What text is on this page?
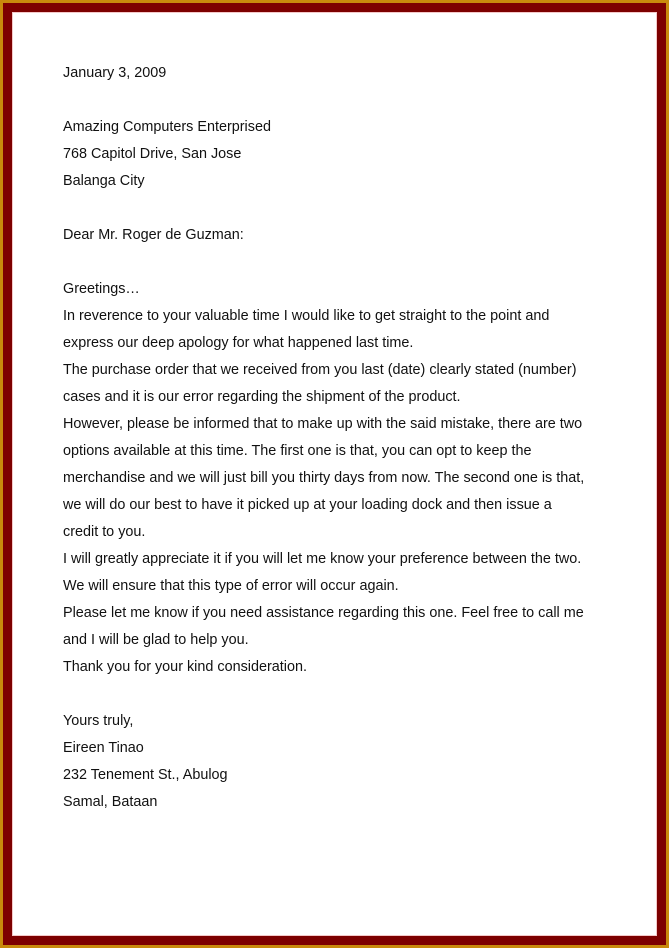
January 3, 2009
Amazing Computers Enterprised
768 Capitol Drive, San Jose
Balanga City
Dear Mr. Roger de Guzman:
Greetings…
In reverence to your valuable time I would like to get straight to the point and
express our deep apology for what happened last time.
The purchase order that we received from you last (date) clearly stated (number)
cases and it is our error regarding the shipment of the product.
However, please be informed that to make up with the said mistake, there are two
options available at this time. The first one is that, you can opt to keep the
merchandise and we will just bill you thirty days from now. The second one is that,
we will do our best to have it picked up at your loading dock and then issue a
credit to you.
I will greatly appreciate it if you will let me know your preference between the two.
We will ensure that this type of error will occur again.
Please let me know if you need assistance regarding this one. Feel free to call me
and I will be glad to help you.
Thank you for your kind consideration.
Yours truly,
Eireen Tinao
232 Tenement St., Abulog
Samal, Bataan
